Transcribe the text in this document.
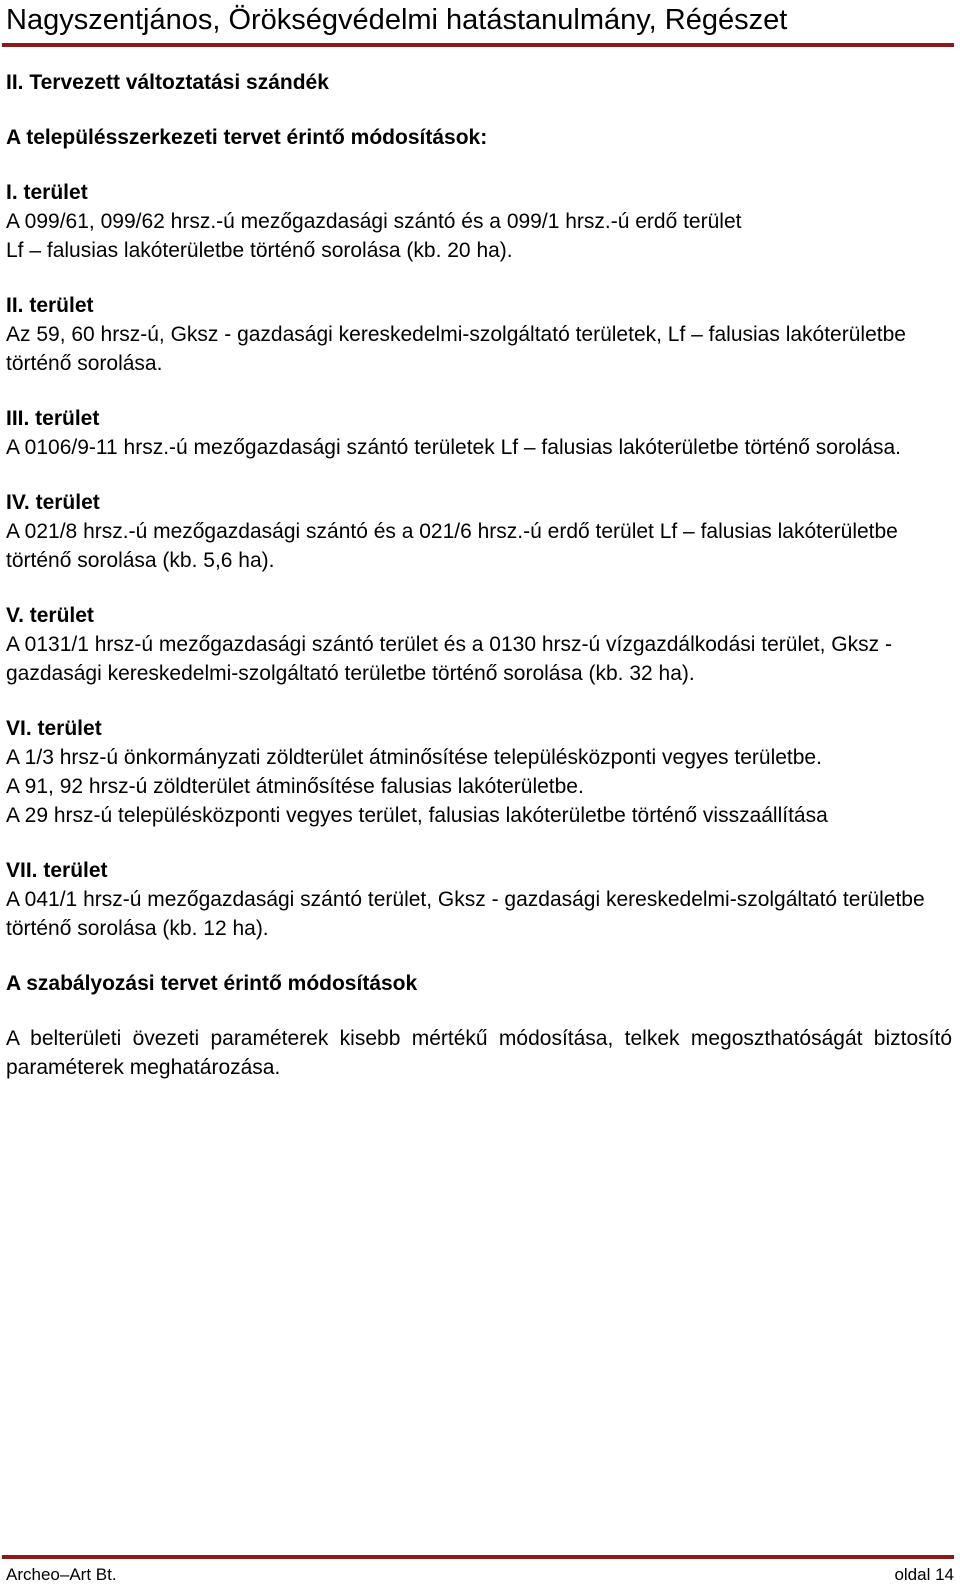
Nagyszentjános, Örökségvédelmi hatástanulmány, Régészet

II. Tervezett változtatási szándék

A településszerkezeti tervet érintő módosítások:

I. terület

A 099/61, 099/62 hrsz.-ú mezőgazdasági szántó és a 099/1 hrsz.-ú erdő terület

Lf – falusias lakóterületbe történő sorolása (kb. 20 ha).

II. terület

Az 59, 60 hrsz-ú, Gksz - gazdasági kereskedelmi-szolgáltató területek, Lf – falusias lakóterületbe történő sorolása.

III. terület

A 0106/9-11 hrsz.-ú mezőgazdasági szántó területek Lf – falusias lakóterületbe történő sorolása.

IV. terület

A 021/8 hrsz.-ú mezőgazdasági szántó és a 021/6 hrsz.-ú erdő terület Lf – falusias lakóterületbe történő sorolása (kb. 5,6 ha).

V. terület

A 0131/1 hrsz-ú mezőgazdasági szántó terület és a 0130 hrsz-ú vízgazdálkodási terület, Gksz - gazdasági kereskedelmi-szolgáltató területbe történő sorolása (kb. 32 ha).

VI. terület

A 1/3 hrsz-ú önkormányzati zöldterület átminősítése településközponti vegyes területbe.

A 91, 92 hrsz-ú zöldterület átminősítése falusias lakóterületbe.

A 29 hrsz-ú településközponti vegyes terület, falusias lakóterületbe történő visszaállítása

VII. terület

A 041/1 hrsz-ú mezőgazdasági szántó terület, Gksz - gazdasági kereskedelmi-szolgáltató területbe történő sorolása (kb. 12 ha).

A szabályozási tervet érintő módosítások

A belterületi övezeti paraméterek kisebb mértékű módosítása, telkek megoszthatóságát biztosító paraméterek meghatározása.

Archeo–Art Bt.	oldal 14
